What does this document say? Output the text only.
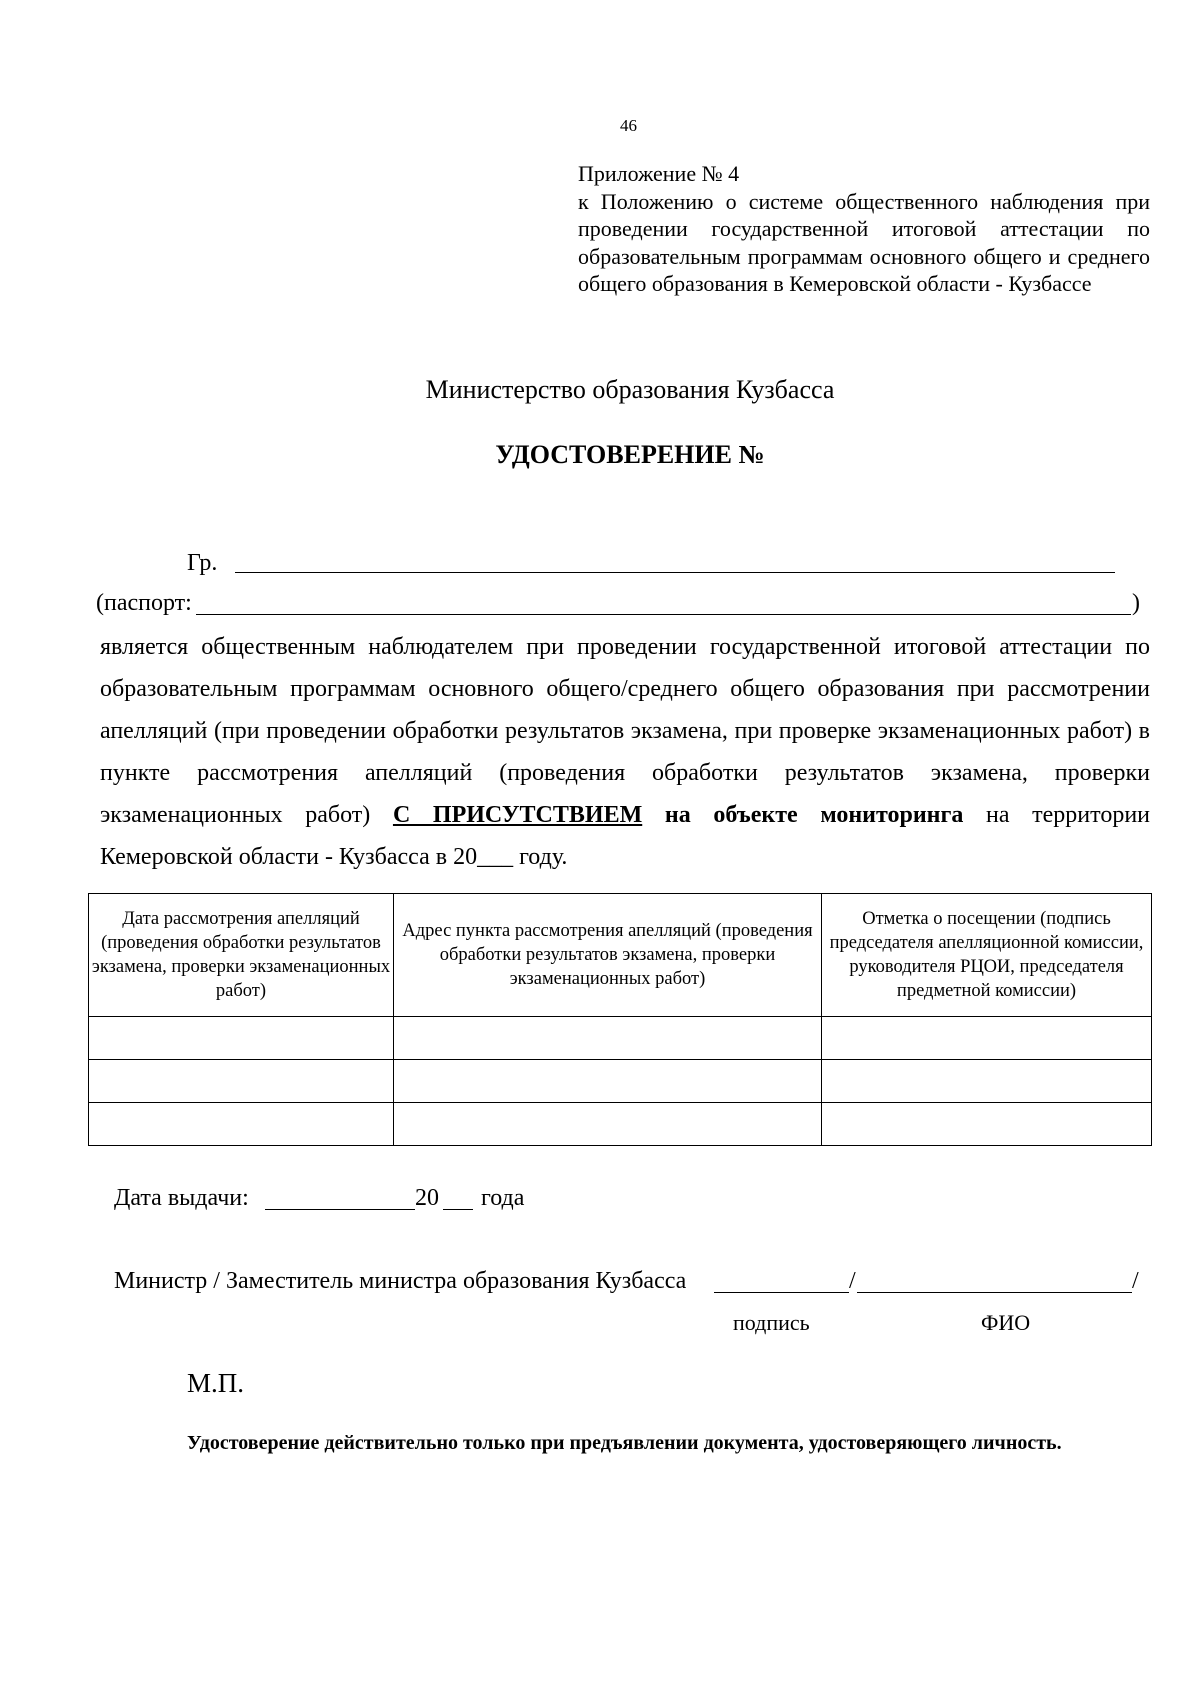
46
Приложение № 4
к Положению о системе общественного наблюдения при проведении государственной итоговой аттестации по образовательным программам основного общего и среднего общего образования в Кемеровской области - Кузбассе
Министерство образования Кузбасса
УДОСТОВЕРЕНИЕ №
Гр.
(паспорт:	)
является общественным наблюдателем при проведении государственной итоговой аттестации по образовательным программам основного общего/среднего общего образования при рассмотрении апелляций (при проведении обработки результатов экзамена, при проверке экзаменационных работ) в пункте рассмотрения апелляций (проведения обработки результатов экзамена, проверки экзаменационных работ) С ПРИСУТСТВИЕМ на объекте мониторинга на территории Кемеровской области - Кузбасса в 20___ году.
Дата рассмотрения апелляций (проведения обработки результатов экзамена, проверки экзаменационных работ)	Адрес пункта рассмотрения апелляций (проведения обработки результатов экзамена, проверки экзаменационных работ)	Отметка о посещении (подпись председателя апелляционной комиссии, руководителя РЦОИ, председателя предметной комиссии)

Дата выдачи:	20 года
Министр / Заместитель министра образования Кузбасса	/	/
подпись	ФИО
М.П.
Удостоверение действительно только при предъявлении документа, удостоверяющего личность.
